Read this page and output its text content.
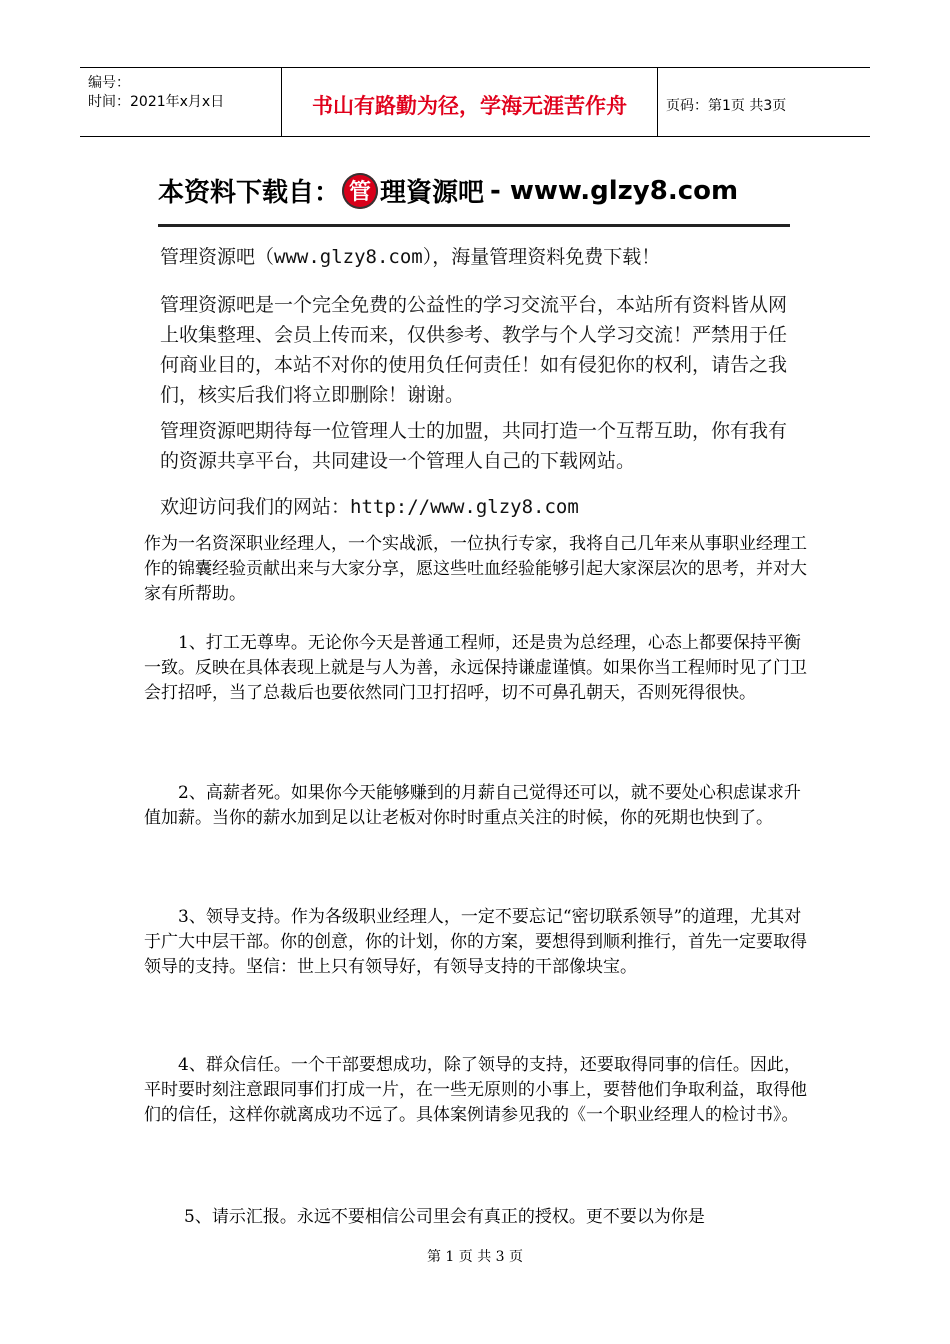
编号：
时间：2021年x月x日	书山有路勤为径，学海无涯苦作舟	页码：第1页 共3页
本资料下载自： 管 理資源吧 - www.glzy8.com
管理资源吧（www.glzy8.com），海量管理资料免费下载！
管理资源吧是一个完全免费的公益性的学习交流平台，本站所有资料皆从网上收集整理、会员上传而来，仅供参考、教学与个人学习交流！严禁用于任何商业目的，本站不对你的使用负任何责任！如有侵犯你的权利，请告之我们，核实后我们将立即删除！谢谢。
管理资源吧期待每一位管理人士的加盟，共同打造一个互帮互助，你有我有的资源共享平台，共同建设一个管理人自己的下载网站。
欢迎访问我们的网站：http://www.glzy8.com
作为一名资深职业经理人，一个实战派，一位执行专家，我将自己几年来从事职业经理工作的锦囊经验贡献出来与大家分享，愿这些吐血经验能够引起大家深层次的思考，并对大家有所帮助。
1、打工无尊卑。无论你今天是普通工程师，还是贵为总经理，心态上都要保持平衡一致。反映在具体表现上就是与人为善，永远保持谦虚谨慎。如果你当工程师时见了门卫会打招呼，当了总裁后也要依然同门卫打招呼，切不可鼻孔朝天，否则死得很快。
2、高薪者死。如果你今天能够赚到的月薪自己觉得还可以，就不要处心积虑谋求升值加薪。当你的薪水加到足以让老板对你时时重点关注的时候，你的死期也快到了。
3、领导支持。作为各级职业经理人，一定不要忘记“密切联系领导”的道理，尤其对于广大中层干部。你的创意，你的计划，你的方案，要想得到顺利推行，首先一定要取得领导的支持。坚信：世上只有领导好，有领导支持的干部像块宝。
4、群众信任。一个干部要想成功，除了领导的支持，还要取得同事的信任。因此，平时要时刻注意跟同事们打成一片，在一些无原则的小事上，要替他们争取利益，取得他们的信任，这样你就离成功不远了。具体案例请参见我的《一个职业经理人的检讨书》。
5、请示汇报。永远不要相信公司里会有真正的授权。更不要以为你是
第 1 页 共 3 页
